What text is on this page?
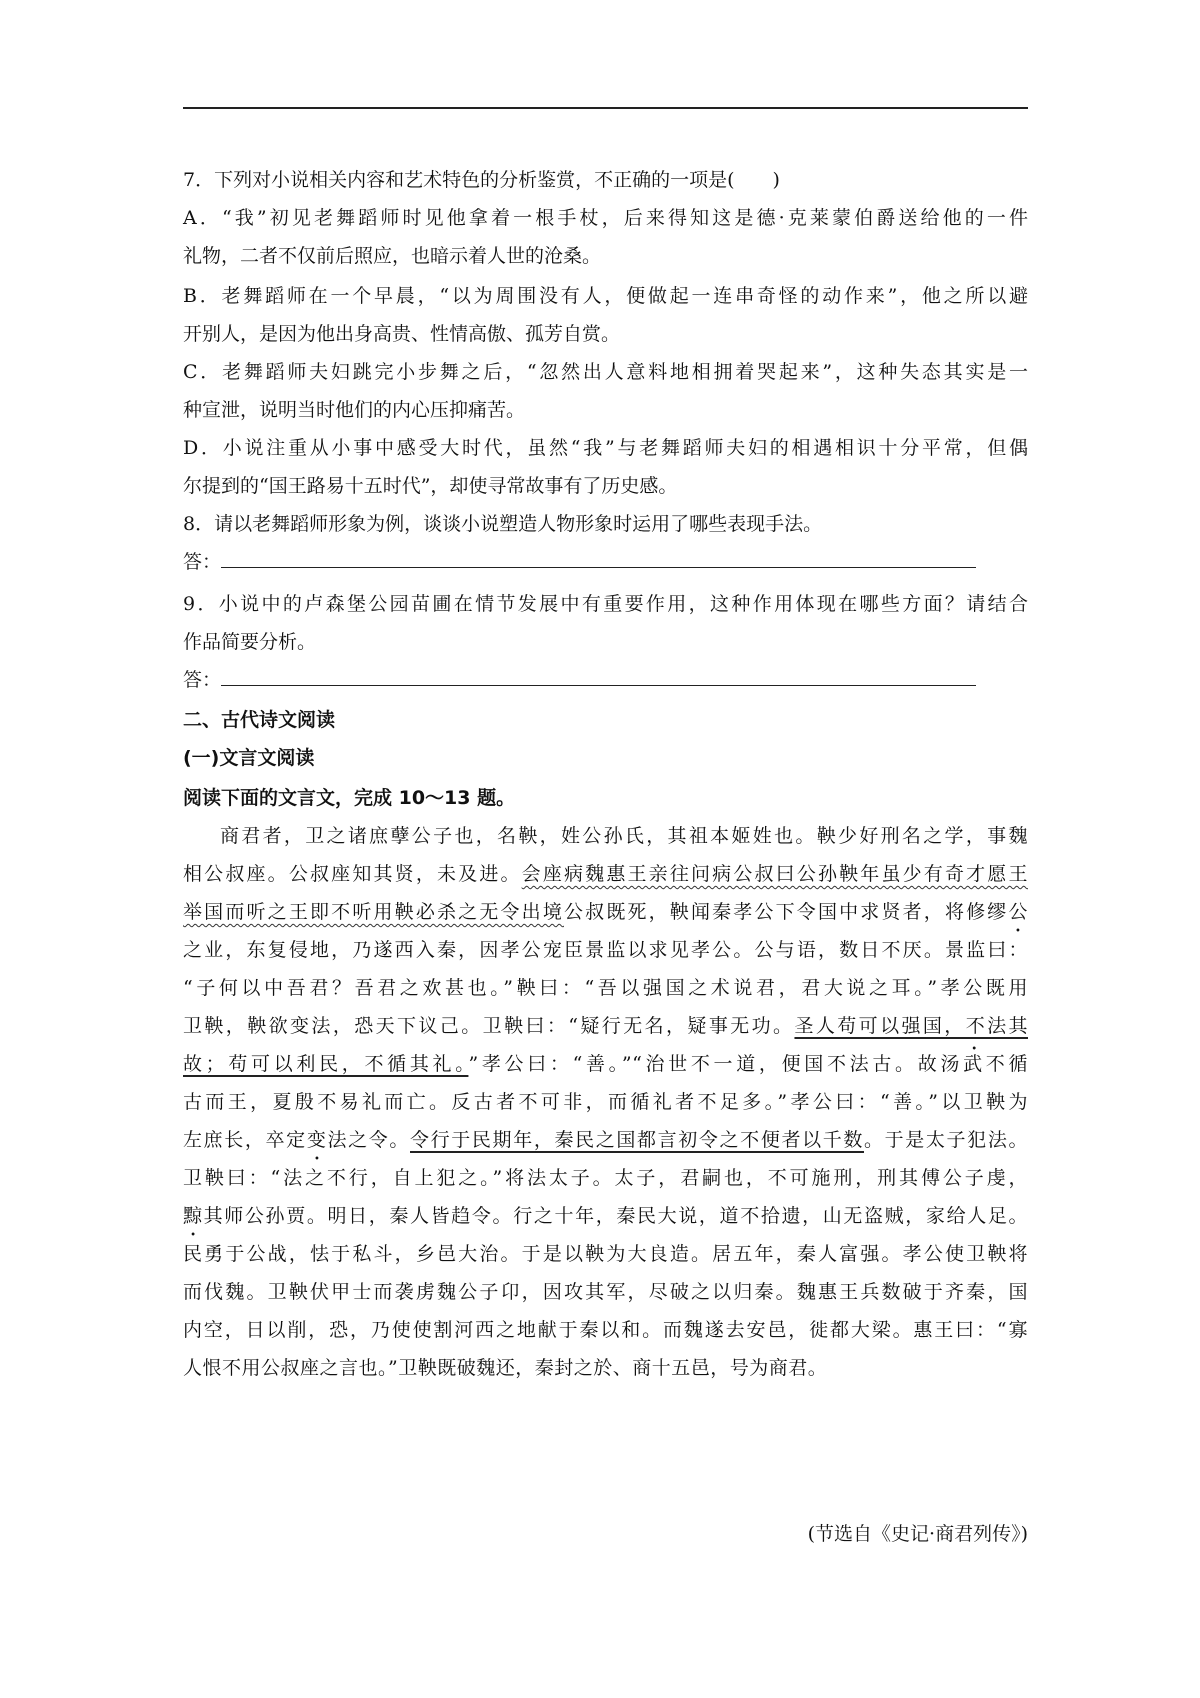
7．下列对小说相关内容和艺术特色的分析鉴赏，不正确的一项是(　　)
A．“我”初见老舞蹈师时见他拿着一根手杖，后来得知这是德·克莱蒙伯爵送给他的一件
礼物，二者不仅前后照应，也暗示着人世的沧桑。
B．老舞蹈师在一个早晨，“以为周围没有人，便做起一连串奇怪的动作来”，他之所以避
开别人，是因为他出身高贵、性情高傲、孤芳自赏。
C．老舞蹈师夫妇跳完小步舞之后，“忽然出人意料地相拥着哭起来”，这种失态其实是一
种宣泄，说明当时他们的内心压抑痛苦。
D．小说注重从小事中感受大时代，虽然“我”与老舞蹈师夫妇的相遇相识十分平常，但偶
尔提到的“国王路易十五时代”，却使寻常故事有了历史感。
8．请以老舞蹈师形象为例，谈谈小说塑造人物形象时运用了哪些表现手法。
答：
9．小说中的卢森堡公园苗圃在情节发展中有重要作用，这种作用体现在哪些方面？请结合
作品简要分析。
答：
二、古代诗文阅读
(一)文言文阅读
阅读下面的文言文，完成 10～13 题。
商君者，卫之诸庶孽公子也，名鞅，姓公孙氏，其祖本姬姓也。鞅少好刑名之学，事魏
相公叔座。公叔座知其贤，未及进。会座病魏惠王亲往问病公叔曰公孙鞅年虽少有奇才愿王
举国而听之王即不听用鞅必杀之无令出境公叔既死，鞅闻秦孝公下令国中求贤者，将修缪公
之业，东复侵地，乃遂西入秦，因孝公宠臣景监以求见孝公。公与语，数日不厌。景监曰：
“子何以中吾君？吾君之欢甚也。”鞅曰：“吾以强国之术说君，君大说之耳。”孝公既用
卫鞅，鞅欲变法，恐天下议己。卫鞅曰：“疑行无名，疑事无功。圣人苟可以强国，不法其
故；苟可以利民，不循其礼。”孝公曰：“善。”“治世不一道，便国不法古。故汤武不循
古而王，夏殷不易礼而亡。反古者不可非，而循礼者不足多。”孝公曰：“善。”以卫鞅为
左庶长，卒定变法之令。令行于民期年，秦民之国都言初令之不便者以千数。于是太子犯法。
卫鞅曰：“法之不行，自上犯之。”将法太子。太子，君嗣也，不可施刑，刑其傅公子虔，
黥其师公孙贾。明日，秦人皆趋令。行之十年，秦民大说，道不拾遗，山无盗贼，家给人足。
民勇于公战，怯于私斗，乡邑大治。于是以鞅为大良造。居五年，秦人富强。孝公使卫鞅将
而伐魏。卫鞅伏甲士而袭虏魏公子卬，因攻其军，尽破之以归秦。魏惠王兵数破于齐秦，国
内空，日以削，恐，乃使使割河西之地献于秦以和。而魏遂去安邑，徙都大梁。惠王曰：“寡
人恨不用公叔座之言也。”卫鞅既破魏还，秦封之於、商十五邑，号为商君。
(节选自《史记·商君列传》)
